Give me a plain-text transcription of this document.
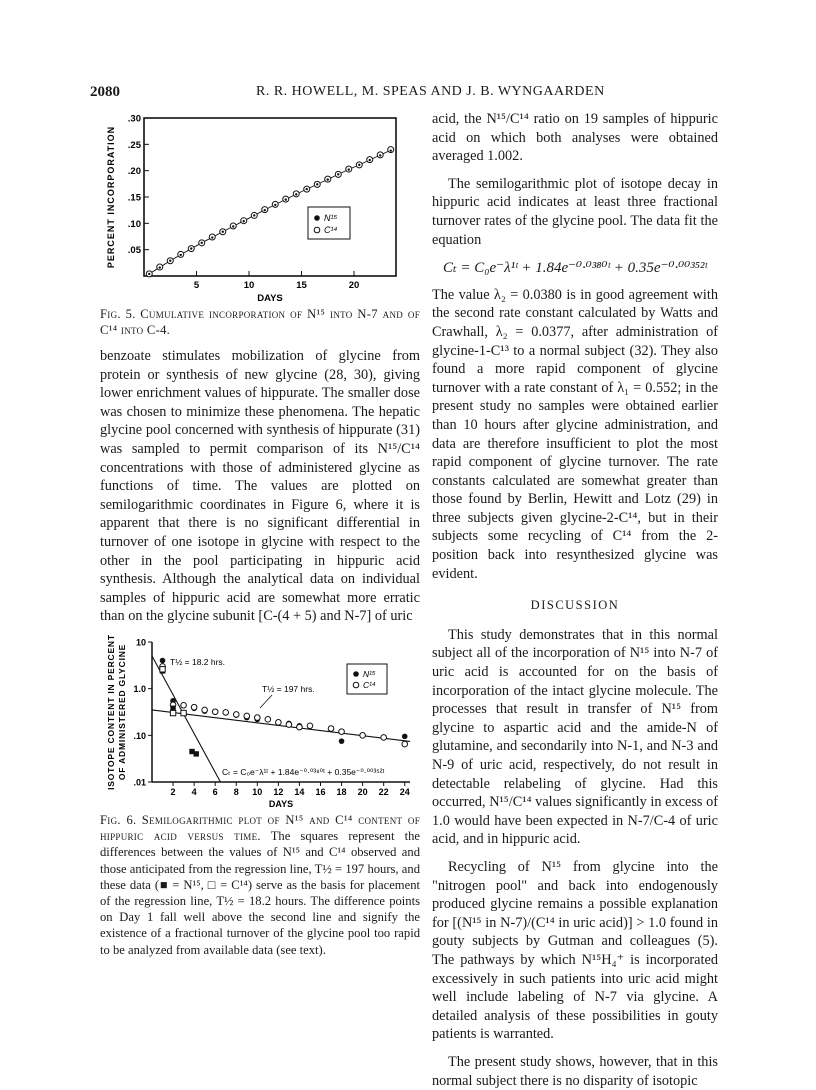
2080	R. R. HOWELL, M. SPEAS AND J. B. WYNGAARDEN
.05
.10
.15
.20
.25
.30
5	10	15	20
DAYS
PERCENT INCORPORATION	N¹⁵
C¹⁴
Fig. 5. Cumulative incorporation of N¹⁵ into N-7 and of C¹⁴ into C-4.

benzoate stimulates mobilization of glycine from protein or synthesis of new glycine (28, 30), giving lower enrichment values of hippurate. The smaller dose was chosen to minimize these phenomena. The hepatic glycine pool concerned with synthesis of hippurate (31) was sampled to permit comparison of its N¹⁵/C¹⁴ concentrations with those of administered glycine as functions of time. The values are plotted on semilogarithmic coordinates in Figure 6, where it is apparent that there is no significant differential in turnover of one isotope in glycine with respect to the other in the pool participating in hippuric acid synthesis. Although the analytical data on individual samples of hippuric acid are somewhat more erratic than on the glycine subunit [C-(4 + 5) and N-7] of uric

.01
.10
1.0
10
2 4 6 8 10 12 14 16 18 20 22 24
DAYS
ISOTOPE CONTENT IN PERCENT OF ADMINISTERED GLYCINE	T½ = 18.2 hrs.
T½ = 197 hrs.
Cₜ = C₀e⁻λ¹ᵗ + 1.84e⁻⁰·⁰³⁸⁰ᵗ + 0.35e⁻⁰·⁰⁰³⁵²ᵗ
N¹⁵
C¹⁴
Fig. 6. Semilogarithmic plot of N¹⁵ and C¹⁴ content of hippuric acid versus time. The squares represent the differences between the values of N¹⁵ and C¹⁴ observed and those anticipated from the regression line, T½ = 197 hours, and these data (■ = N¹⁵, □ = C¹⁴) serve as the basis for placement of the regression line, T½ = 18.2 hours. The difference points on Day 1 fall well above the second line and signify the existence of a fractional turnover of the glycine pool too rapid to be analyzed from available data (see text).

acid, the N¹⁵/C¹⁴ ratio on 19 samples of hippuric acid on which both analyses were obtained averaged 1.002.

The semilogarithmic plot of isotope decay in hippuric acid indicates at least three fractional turnover rates of the glycine pool. The data fit the equation

Cₜ = C₀e⁻λ¹ᵗ + 1.84e⁻⁰·⁰³⁸⁰ᵗ + 0.35e⁻⁰·⁰⁰³⁵²ᵗ

The value λ₂ = 0.0380 is in good agreement with the second rate constant calculated by Watts and Crawhall, λ₂ = 0.0377, after administration of glycine-1-C¹³ to a normal subject (32). They also found a more rapid component of glycine turnover with a rate constant of λ₁ = 0.552; in the present study no samples were obtained earlier than 10 hours after glycine administration, and data are therefore insufficient to plot the most rapid component of glycine turnover. The rate constants calculated are somewhat greater than those found by Berlin, Hewitt and Lotz (29) in three subjects given glycine-2-C¹⁴, but in their subjects some recycling of C¹⁴ from the 2-position back into resynthesized glycine was evident.

DISCUSSION

This study demonstrates that in this normal subject all of the incorporation of N¹⁵ into N-7 of uric acid is accounted for on the basis of incorporation of the intact glycine molecule. The processes that result in transfer of N¹⁵ from glycine to aspartic acid and the amide-N of glutamine, and secondarily into N-1, and N-3 and N-9 of uric acid, respectively, do not result in detectable relabeling of glycine. Had this occurred, N¹⁵/C¹⁴ values significantly in excess of 1.0 would have been expected in N-7/C-4 of uric acid, and in hippuric acid.

Recycling of N¹⁵ from glycine into the "nitrogen pool" and back into endogenously produced glycine remains a possible explanation for [(N¹⁵ in N-7)/(C¹⁴ in uric acid)] > 1.0 found in gouty subjects by Gutman and colleagues (5). The pathways by which N¹⁵H₄⁺ is incorporated excessively in such patients into uric acid might well include labeling of N-7 via glycine. A detailed analysis of these possibilities in gouty patients is warranted.

The present study shows, however, that in this normal subject there is no disparity of isotopic
